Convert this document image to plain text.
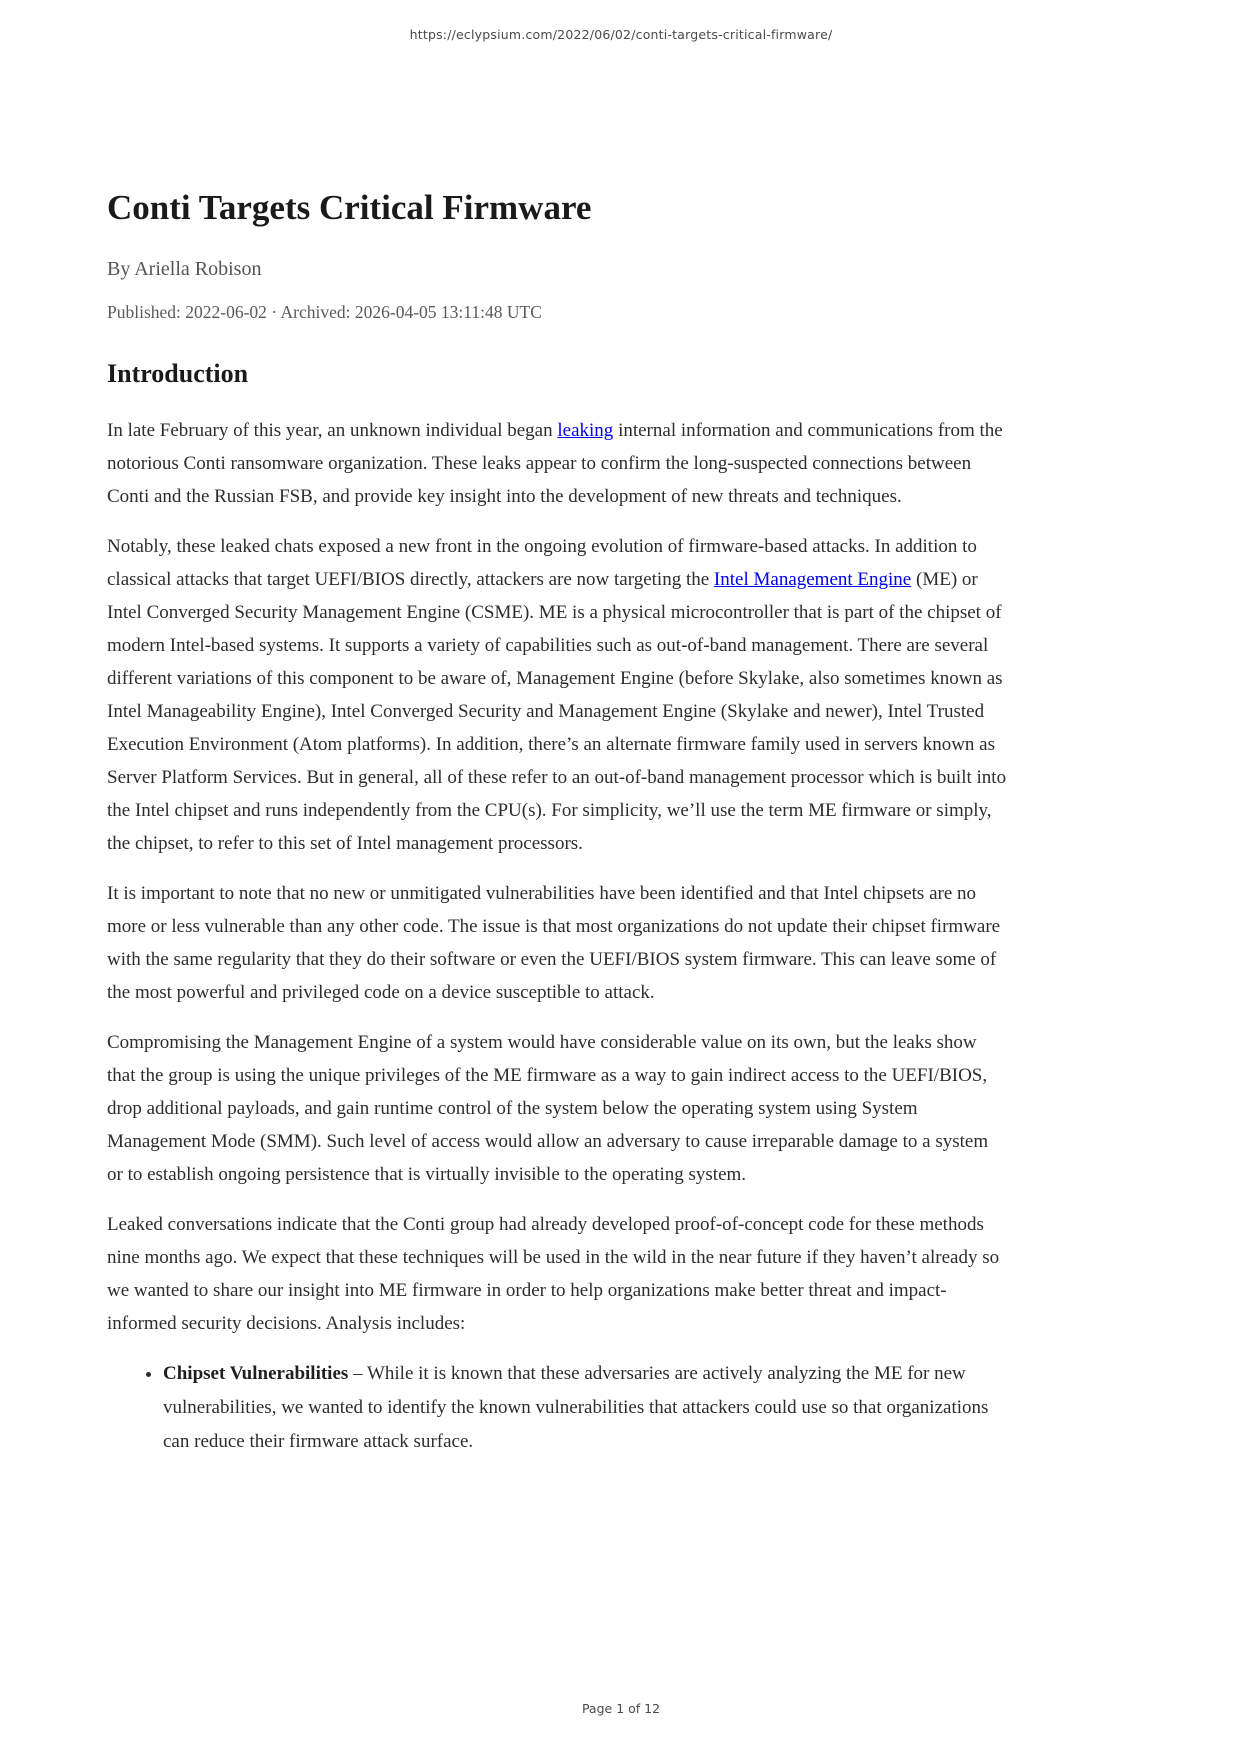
https://eclypsium.com/2022/06/02/conti-targets-critical-firmware/
Conti Targets Critical Firmware
By Ariella Robison
Published: 2022-06-02 · Archived: 2026-04-05 13:11:48 UTC
Introduction

In late February of this year, an unknown individual began leaking internal information and communications from the notorious Conti ransomware organization. These leaks appear to confirm the long-suspected connections between Conti and the Russian FSB, and provide key insight into the development of new threats and techniques.

Notably, these leaked chats exposed a new front in the ongoing evolution of firmware-based attacks. In addition to classical attacks that target UEFI/BIOS directly, attackers are now targeting the Intel Management Engine (ME) or Intel Converged Security Management Engine (CSME). ME is a physical microcontroller that is part of the chipset of modern Intel-based systems. It supports a variety of capabilities such as out-of-band management. There are several different variations of this component to be aware of, Management Engine (before Skylake, also sometimes known as Intel Manageability Engine), Intel Converged Security and Management Engine (Skylake and newer), Intel Trusted Execution Environment (Atom platforms). In addition, there’s an alternate firmware family used in servers known as Server Platform Services. But in general, all of these refer to an out-of-band management processor which is built into the Intel chipset and runs independently from the CPU(s). For simplicity, we’ll use the term ME firmware or simply, the chipset, to refer to this set of Intel management processors.

It is important to note that no new or unmitigated vulnerabilities have been identified and that Intel chipsets are no more or less vulnerable than any other code. The issue is that most organizations do not update their chipset firmware with the same regularity that they do their software or even the UEFI/BIOS system firmware. This can leave some of the most powerful and privileged code on a device susceptible to attack.

Compromising the Management Engine of a system would have considerable value on its own, but the leaks show that the group is using the unique privileges of the ME firmware as a way to gain indirect access to the UEFI/BIOS, drop additional payloads, and gain runtime control of the system below the operating system using System Management Mode (SMM). Such level of access would allow an adversary to cause irreparable damage to a system or to establish ongoing persistence that is virtually invisible to the operating system.

Leaked conversations indicate that the Conti group had already developed proof-of-concept code for these methods nine months ago. We expect that these techniques will be used in the wild in the near future if they haven’t already so we wanted to share our insight into ME firmware in order to help organizations make better threat and impact-informed security decisions. Analysis includes:

• Chipset Vulnerabilities – While it is known that these adversaries are actively analyzing the ME for new vulnerabilities, we wanted to identify the known vulnerabilities that attackers could use so that organizations can reduce their firmware attack surface.
Page 1 of 12
